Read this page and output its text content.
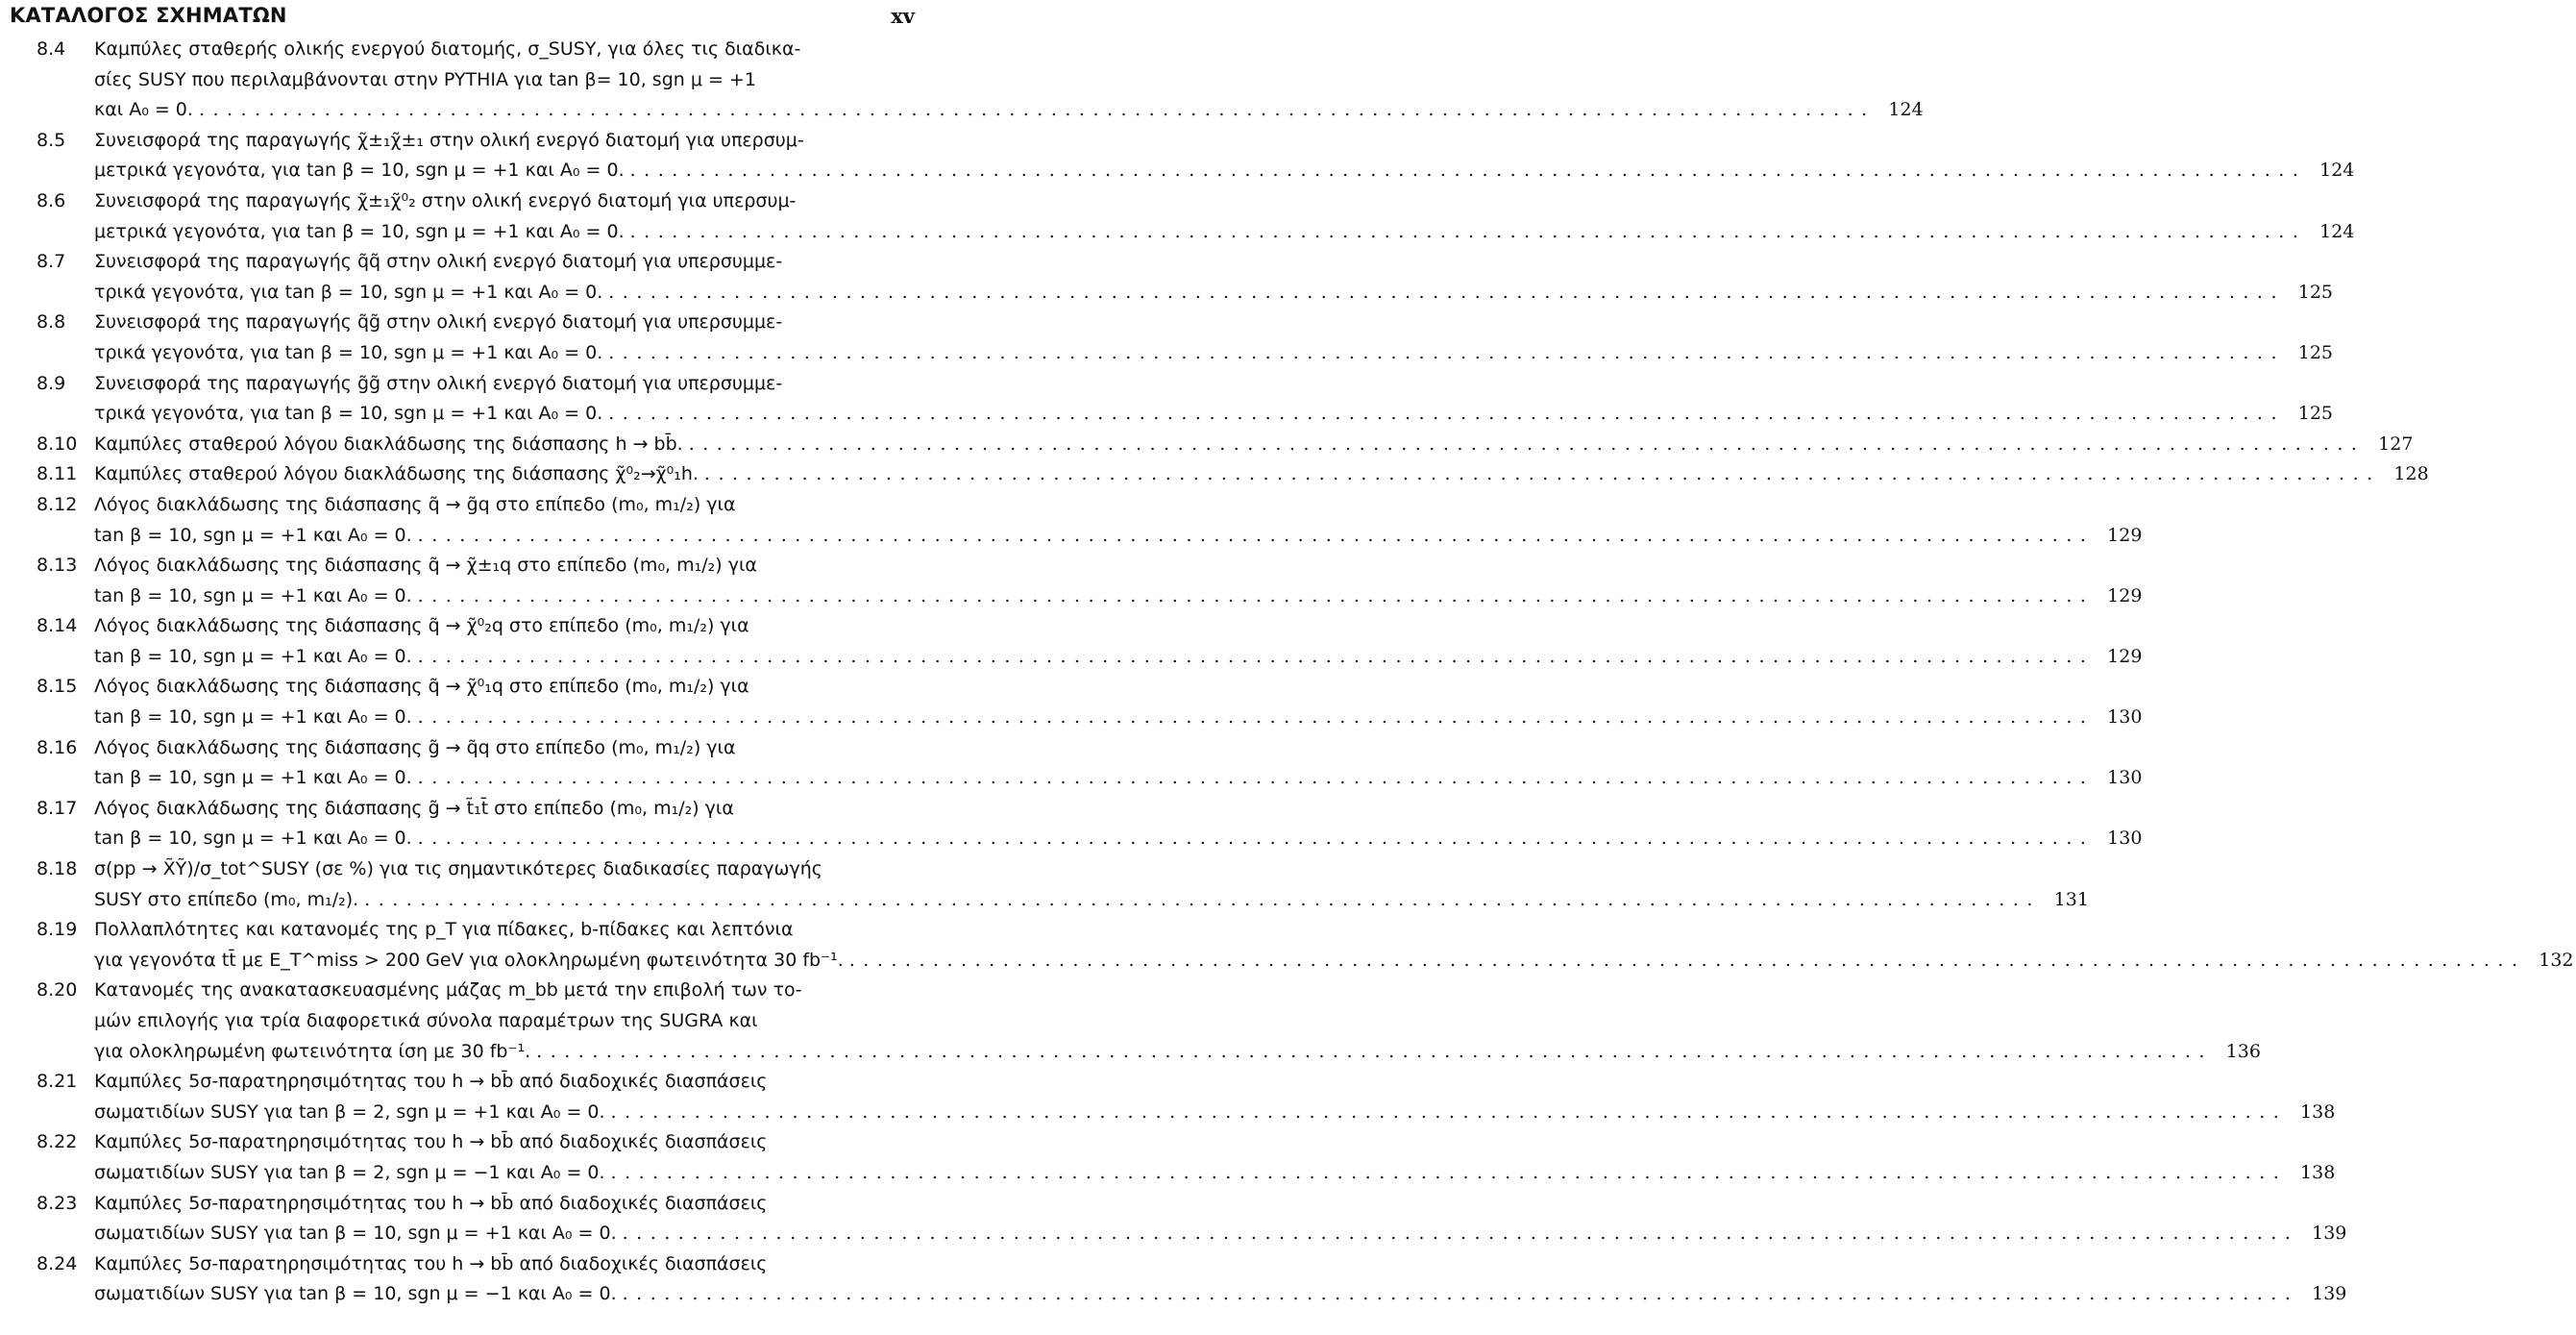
ΚΑΤΑΛΟΓΟΣ ΣΧΗΜΑΤΩΝ	xv
8.4	Καμπύλες σταθερής ολικής ενεργού διατομής, σ_SUSY, για όλες τις διαδικα-
σίες SUSY που περιλαμβάνονται στην PYTHIA για tan β= 10, sgn μ = +1
και A₀ = 0. ........................................................................................................................ 124
8.5	Συνεισφορά της παραγωγής χ̃±₁χ̃±₁ στην ολική ενεργό διατομή για υπερσυμ-
μετρικά γεγονότα, για tan β = 10, sgn μ = +1 και A₀ = 0. ........................................................................................................................ 124
8.6	Συνεισφορά της παραγωγής χ̃±₁χ̃⁰₂ στην ολική ενεργό διατομή για υπερσυμ-
μετρικά γεγονότα, για tan β = 10, sgn μ = +1 και A₀ = 0. ........................................................................................................................ 124
8.7	Συνεισφορά της παραγωγής q̃q̃ στην ολική ενεργό διατομή για υπερσυμμε-
τρικά γεγονότα, για tan β = 10, sgn μ = +1 και A₀ = 0. ........................................................................................................................ 125
8.8	Συνεισφορά της παραγωγής q̃g̃ στην ολική ενεργό διατομή για υπερσυμμε-
τρικά γεγονότα, για tan β = 10, sgn μ = +1 και A₀ = 0. ........................................................................................................................ 125
8.9	Συνεισφορά της παραγωγής g̃g̃ στην ολική ενεργό διατομή για υπερσυμμε-
τρικά γεγονότα, για tan β = 10, sgn μ = +1 και A₀ = 0. ........................................................................................................................ 125
8.10 Καμπύλες σταθερού λόγου διακλάδωσης της διάσπασης h → bb̄. ........................................................................................................................ 127
8.11 Καμπύλες σταθερού λόγου διακλάδωσης της διάσπασης χ̃⁰₂→χ̃⁰₁h. ........................................................................................................................ 128
8.12 Λόγος διακλάδωσης της διάσπασης q̃ → g̃q στο επίπεδο (m₀, m₁/₂) για
tan β = 10, sgn μ = +1 και A₀ = 0. ........................................................................................................................ 129
8.13 Λόγος διακλάδωσης της διάσπασης q̃ → χ̃±₁q στο επίπεδο (m₀, m₁/₂) για
tan β = 10, sgn μ = +1 και A₀ = 0. ........................................................................................................................ 129
8.14 Λόγος διακλάδωσης της διάσπασης q̃ → χ̃⁰₂q στο επίπεδο (m₀, m₁/₂) για
tan β = 10, sgn μ = +1 και A₀ = 0. ........................................................................................................................ 129
8.15 Λόγος διακλάδωσης της διάσπασης q̃ → χ̃⁰₁q στο επίπεδο (m₀, m₁/₂) για
tan β = 10, sgn μ = +1 και A₀ = 0. ........................................................................................................................ 130
8.16 Λόγος διακλάδωσης της διάσπασης g̃ → q̃q στο επίπεδο (m₀, m₁/₂) για
tan β = 10, sgn μ = +1 και A₀ = 0. ........................................................................................................................ 130
8.17 Λόγος διακλάδωσης της διάσπασης g̃ → t̃₁t̄ στο επίπεδο (m₀, m₁/₂) για
tan β = 10, sgn μ = +1 και A₀ = 0. ........................................................................................................................ 130
8.18 σ(pp → X̃Ỹ)/σ_tot^SUSY (σε %) για τις σημαντικότερες διαδικασίες παραγωγής
SUSY στο επίπεδο (m₀, m₁/₂). ........................................................................................................................ 131
8.19 Πολλαπλότητες και κατανομές της p_T για πίδακες, b-πίδακες και λεπτόνια
για γεγονότα tt̄ με E_T^miss > 200 GeV για ολοκληρωμένη φωτεινότητα 30 fb⁻¹. ........................................................................................................................ 132
8.20 Κατανομές της ανακατασκευασμένης μάζας m_bb μετά την επιβολή των το-
μών επιλογής για τρία διαφορετικά σύνολα παραμέτρων της SUGRA και
για ολοκληρωμένη φωτεινότητα ίση με 30 fb⁻¹. ........................................................................................................................ 136
8.21 Καμπύλες 5σ-παρατηρησιμότητας του h → bb̄ από διαδοχικές διασπάσεις
σωματιδίων SUSY για tan β = 2, sgn μ = +1 και A₀ = 0. ........................................................................................................................ 138
8.22 Καμπύλες 5σ-παρατηρησιμότητας του h → bb̄ από διαδοχικές διασπάσεις
σωματιδίων SUSY για tan β = 2, sgn μ = −1 και A₀ = 0. ........................................................................................................................ 138
8.23 Καμπύλες 5σ-παρατηρησιμότητας του h → bb̄ από διαδοχικές διασπάσεις
σωματιδίων SUSY για tan β = 10, sgn μ = +1 και A₀ = 0. ........................................................................................................................ 139
8.24 Καμπύλες 5σ-παρατηρησιμότητας του h → bb̄ από διαδοχικές διασπάσεις
σωματιδίων SUSY για tan β = 10, sgn μ = −1 και A₀ = 0. ........................................................................................................................ 139
